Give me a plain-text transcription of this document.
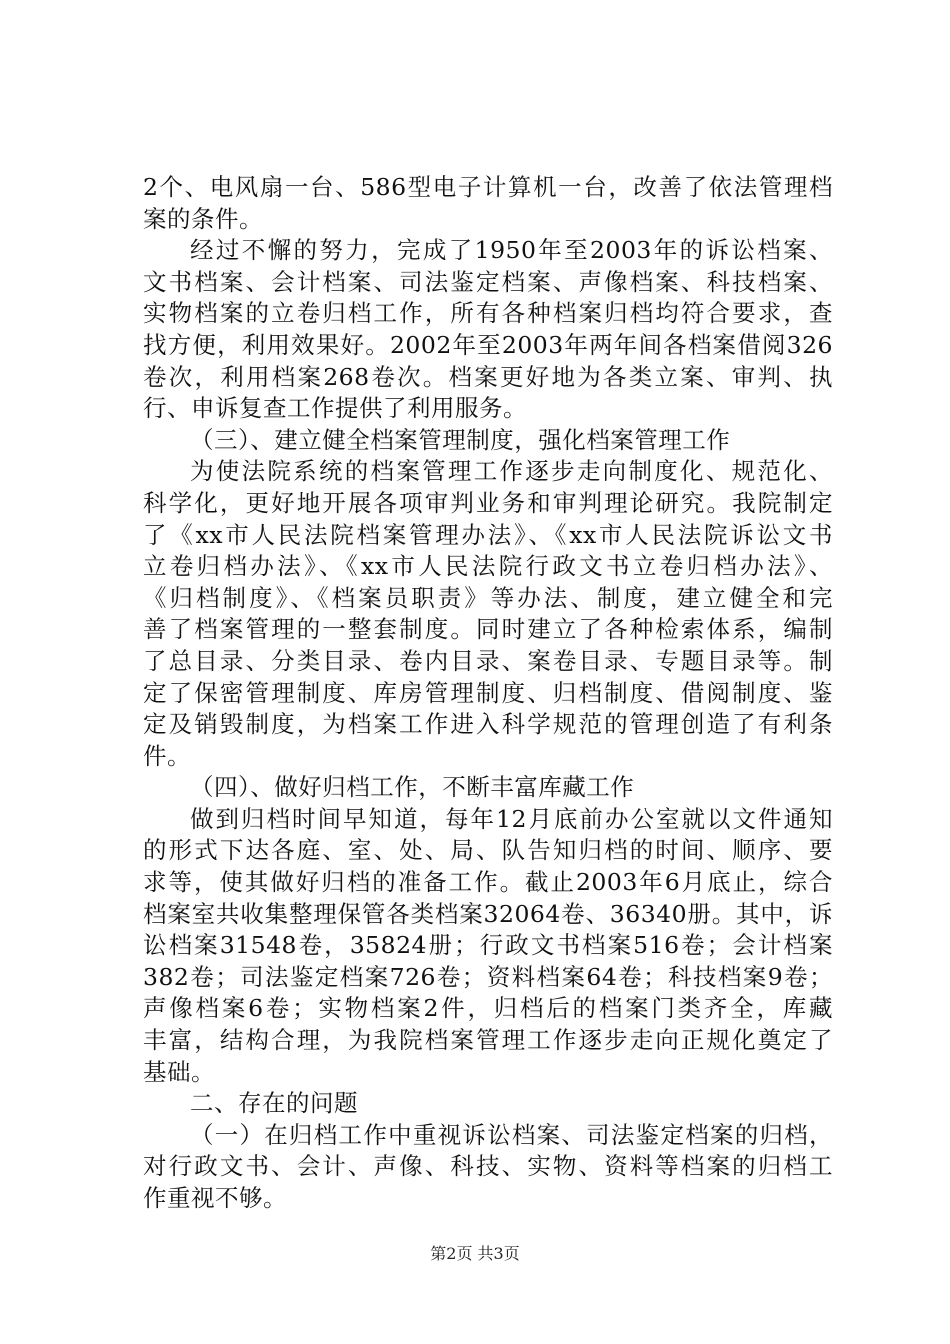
2个、电风扇一台、586型电子计算机一台，改善了依法管理档
案的条件。
经过不懈的努力，完成了1950年至2003年的诉讼档案、
文书档案、会计档案、司法鉴定档案、声像档案、科技档案、
实物档案的立卷归档工作，所有各种档案归档均符合要求，查
找方便，利用效果好。2002年至2003年两年间各档案借阅326
卷次，利用档案268卷次。档案更好地为各类立案、审判、执
行、申诉复查工作提供了利用服务。
（三）、建立健全档案管理制度，强化档案管理工作
为使法院系统的档案管理工作逐步走向制度化、规范化、
科学化，更好地开展各项审判业务和审判理论研究。我院制定
了《xx市人民法院档案管理办法》、《xx市人民法院诉讼文书
立卷归档办法》、《xx市人民法院行政文书立卷归档办法》、
《归档制度》、《档案员职责》等办法、制度，建立健全和完
善了档案管理的一整套制度。同时建立了各种检索体系，编制
了总目录、分类目录、卷内目录、案卷目录、专题目录等。制
定了保密管理制度、库房管理制度、归档制度、借阅制度、鉴
定及销毁制度，为档案工作进入科学规范的管理创造了有利条
件。
（四）、做好归档工作，不断丰富库藏工作
做到归档时间早知道，每年12月底前办公室就以文件通知
的形式下达各庭、室、处、局、队告知归档的时间、顺序、要
求等，使其做好归档的准备工作。截止2003年6月底止，综合
档案室共收集整理保管各类档案32064卷、36340册。其中，诉
讼档案31548卷，35824册；行政文书档案516卷；会计档案
382卷；司法鉴定档案726卷；资料档案64卷；科技档案9卷；
声像档案6卷；实物档案2件，归档后的档案门类齐全，库藏
丰富，结构合理，为我院档案管理工作逐步走向正规化奠定了
基础。
二、存在的问题
（一）在归档工作中重视诉讼档案、司法鉴定档案的归档，
对行政文书、会计、声像、科技、实物、资料等档案的归档工
作重视不够。
第2页 共3页
